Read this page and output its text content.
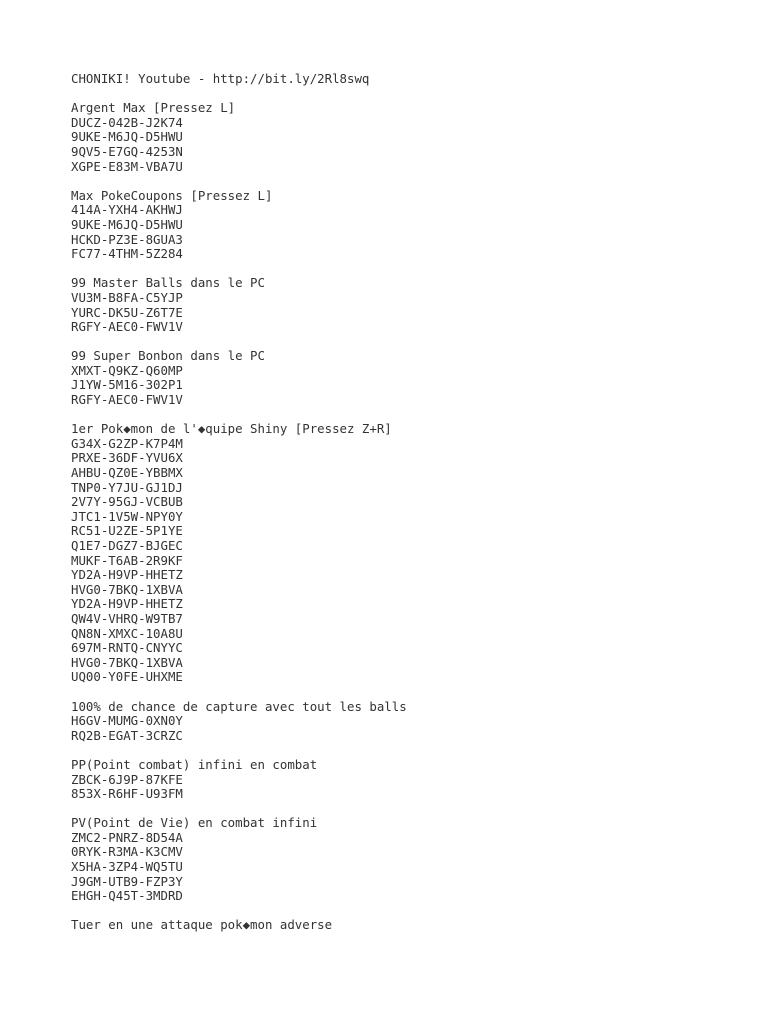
CHONIKI! Youtube - http://bit.ly/2Rl8swq
Argent Max [Pressez L]
DUCZ-042B-J2K74
9UKE-M6JQ-D5HWU
9QV5-E7GQ-4253N
XGPE-E83M-VBA7U
Max PokeCoupons [Pressez L]
414A-YXH4-AKHWJ
9UKE-M6JQ-D5HWU
HCKD-PZ3E-8GUA3
FC77-4THM-5Z284
99 Master Balls dans le PC
VU3M-B8FA-C5YJP
YURC-DK5U-Z6T7E
RGFY-AEC0-FWV1V
99 Super Bonbon dans le PC
XMXT-Q9KZ-Q60MP
J1YW-5M16-302P1
RGFY-AEC0-FWV1V
1er Pok◆mon de l'◆quipe Shiny [Pressez Z+R]
G34X-G2ZP-K7P4M
PRXE-36DF-YVU6X
AHBU-QZ0E-YBBMX
TNP0-Y7JU-GJ1DJ
2V7Y-95GJ-VCBUB
JTC1-1V5W-NPY0Y
RC51-U2ZE-5P1YE
Q1E7-DGZ7-BJGEC
MUKF-T6AB-2R9KF
YD2A-H9VP-HHETZ
HVG0-7BKQ-1XBVA
YD2A-H9VP-HHETZ
QW4V-VHRQ-W9TB7
QN8N-XMXC-10A8U
697M-RNTQ-CNYYC
HVG0-7BKQ-1XBVA
UQ00-Y0FE-UHXME
100% de chance de capture avec tout les balls
H6GV-MUMG-0XN0Y
RQ2B-EGAT-3CRZC
PP(Point combat) infini en combat
ZBCK-6J9P-87KFE
853X-R6HF-U93FM
PV(Point de Vie) en combat infini
ZMC2-PNRZ-8D54A
0RYK-R3MA-K3CMV
X5HA-3ZP4-WQ5TU
J9GM-UTB9-FZP3Y
EHGH-Q45T-3MDRD
Tuer en une attaque pok◆mon adverse
